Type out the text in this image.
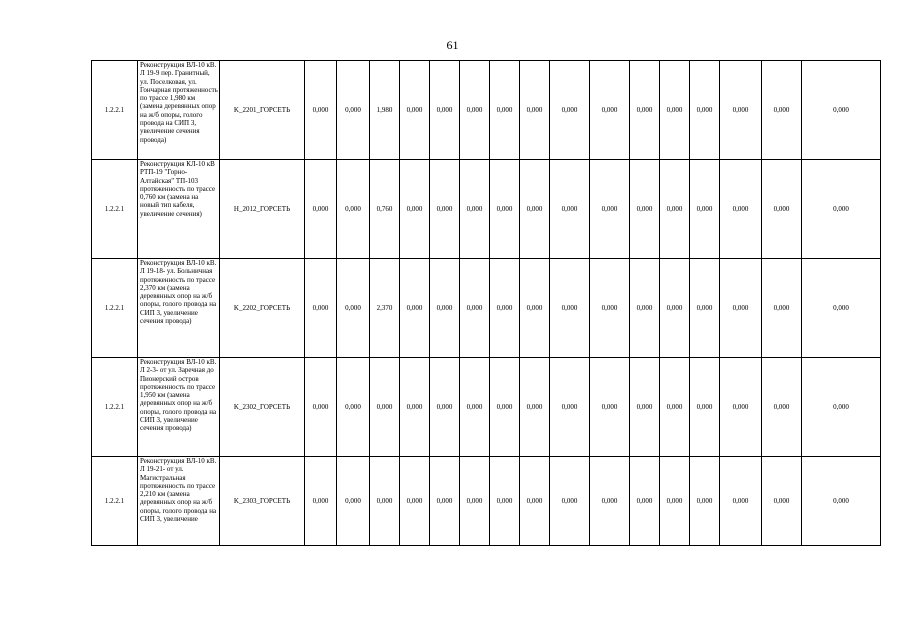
61
1.2.2.1	Реконструкция ВЛ-10 кВ. Л 19-9 пер. Гранитный, ул. Поселковая, ул. Гончарная протяженность по трассе 1,980 км (замена деревянных опор на ж/б опоры, голого провода на СИП 3, увеличение сечения провода)	K_2201_ГОРСЕТЬ	0,000	0,000	1,980	0,000	0,000	0,000	0,000	0,000	0,000	0,000	0,000	0,000	0,000	0,000	0,000	0,000
1.2.2.1	Реконструкция КЛ-10 кВ РТП-19 "Горно-Алтайская" ТП-103 протяженность по трассе 0,760 км (замена на новый тип кабеля, увеличение сечения)	H_2012_ГОРСЕТЬ	0,000	0,000	0,760	0,000	0,000	0,000	0,000	0,000	0,000	0,000	0,000	0,000	0,000	0,000	0,000	0,000
1.2.2.1	Реконструкция ВЛ-10 кВ. Л 19-18- ул. Больничная протяженность по трассе 2,370 км (замена деревянных опор на ж/б опоры, голого провода на СИП 3, увеличение сечения провода)	K_2202_ГОРСЕТЬ	0,000	0,000	2,370	0,000	0,000	0,000	0,000	0,000	0,000	0,000	0,000	0,000	0,000	0,000	0,000	0,000
1.2.2.1	Реконструкция ВЛ-10 кВ. Л 2-3- от ул. Заречная до Пионерский остров протяженность по трассе 1,950 км (замена деревянных опор на ж/б опоры, голого провода на СИП 3, увеличение сечения провода)	K_2302_ГОРСЕТЬ	0,000	0,000	0,000	0,000	0,000	0,000	0,000	0,000	0,000	0,000	0,000	0,000	0,000	0,000	0,000	0,000
1.2.2.1	Реконструкция ВЛ-10 кВ. Л 19-21- от ул. Магистральная протяженность по трассе 2,210 км (замена деревянных опор на ж/б опоры, голого провода на СИП 3, увеличение	K_2303_ГОРСЕТЬ	0,000	0,000	0,000	0,000	0,000	0,000	0,000	0,000	0,000	0,000	0,000	0,000	0,000	0,000	0,000	0,000
